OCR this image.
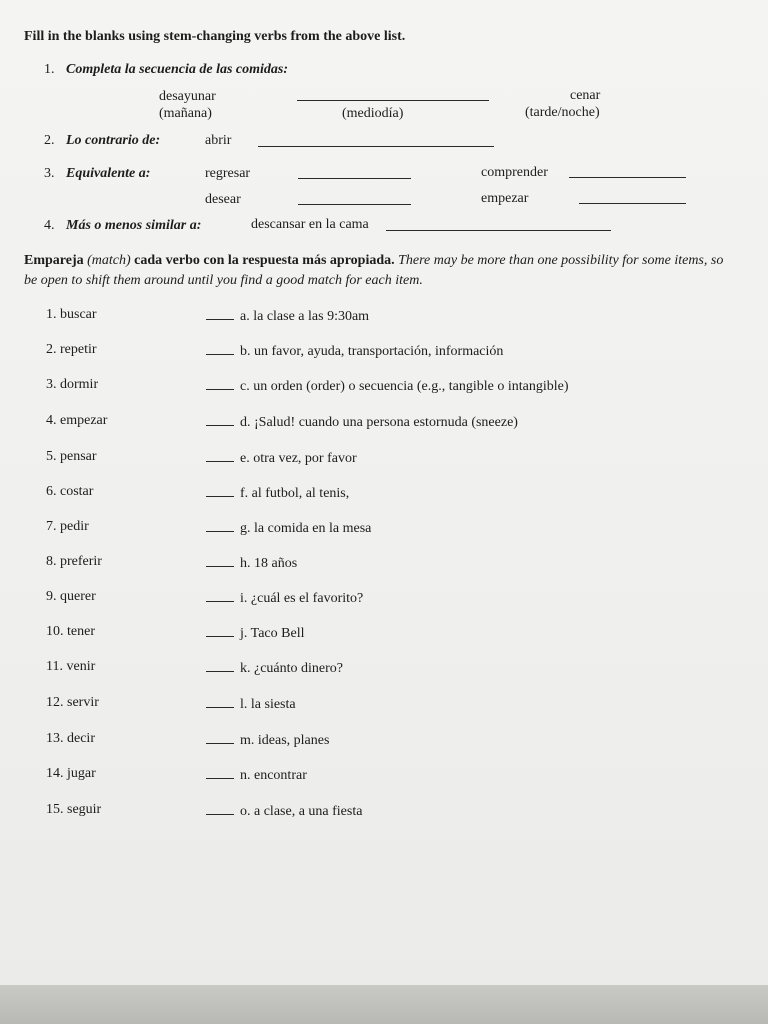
Fill in the blanks using stem-changing verbs from the above list.
1. Completa la secuencia de las comidas:
desayunar
(mañana)	(mediodía)
cenar
(tarde/noche)
2. Lo contrario de:	abrir
3. Equivalente a:	regresar	comprender
desear	empezar
4. Más o menos similar a:	descansar en la cama
Empareja (match) cada verbo con la respuesta más apropiada. There may be more than one possibility for some items, so be open to shift them around until you find a good match for each item.
1. buscar	a. la clase a las 9:30am
2. repetir	b. un favor, ayuda, transportación, información
3. dormir	c. un orden (order) o secuencia (e.g., tangible o intangible)
4. empezar	d. ¡Salud! cuando una persona estornuda (sneeze)
5. pensar	e. otra vez, por favor
6. costar	f. al futbol, al tenis,
7. pedir	g. la comida en la mesa
8. preferir	h. 18 años
9. querer	i. ¿cuál es el favorito?
10. tener	j. Taco Bell
11. venir	k. ¿cuánto dinero?
12. servir	l. la siesta
13. decir	m. ideas, planes
14. jugar	n. encontrar
15. seguir	o. a clase, a una fiesta
